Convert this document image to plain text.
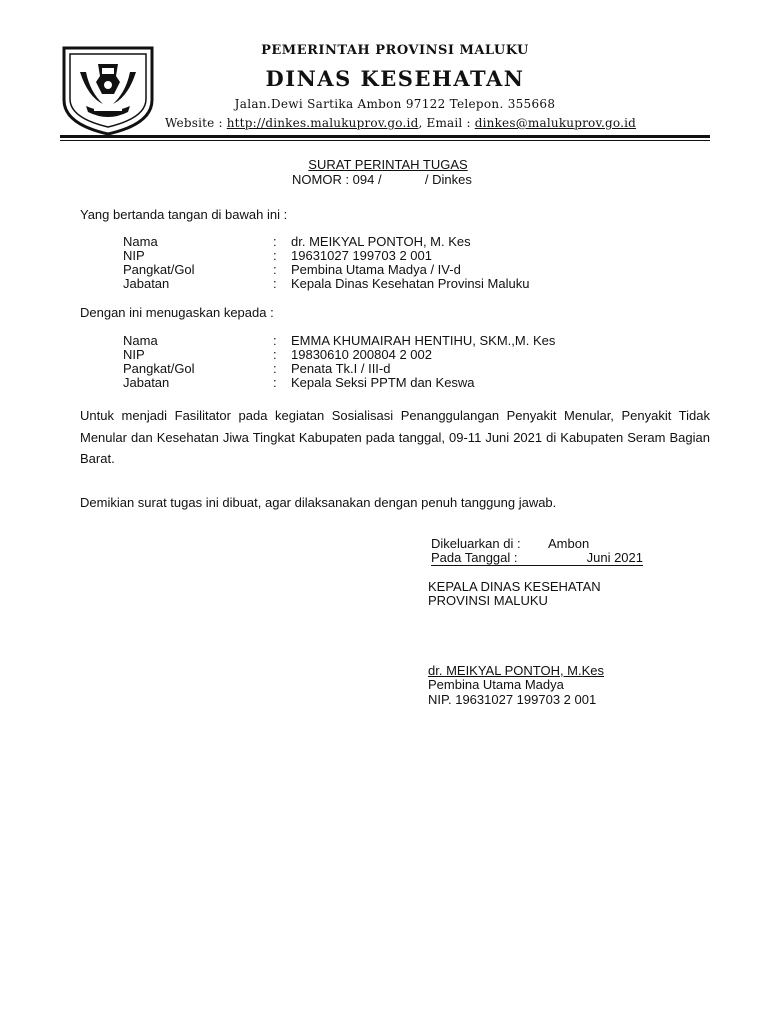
PEMERINTAH PROVINSI MALUKU
DINAS KESEHATAN
Jalan.Dewi Sartika Ambon 97122 Telepon. 355668
Website : http://dinkes.malukuprov.go.id, Email : dinkes@malukuprov.go.id
SURAT PERINTAH TUGAS
NOMOR : 094 /            / Dinkes
Yang bertanda tangan di bawah ini :
Nama	: dr. MEIKYAL PONTOH, M. Kes
NIP	: 19631027 199703 2 001
Pangkat/Gol	: Pembina Utama Madya / IV-d
Jabatan	: Kepala Dinas Kesehatan Provinsi Maluku
Dengan ini menugaskan kepada :
Nama	: EMMA KHUMAIRAH HENTIHU, SKM.,M. Kes
NIP	: 19830610 200804 2 002
Pangkat/Gol	: Penata Tk.I / III-d
Jabatan	: Kepala Seksi PPTM dan Keswa
Untuk menjadi Fasilitator pada kegiatan Sosialisasi Penanggulangan Penyakit Menular, Penyakit Tidak Menular dan Kesehatan Jiwa Tingkat Kabupaten pada tanggal, 09-11 Juni 2021 di Kabupaten Seram Bagian Barat.
Demikian surat tugas ini dibuat, agar dilaksanakan dengan penuh tanggung jawab.
Dikeluarkan di : Ambon
Pada Tanggal :	Juni 2021
KEPALA DINAS KESEHATAN
PROVINSI MALUKU
dr. MEIKYAL PONTOH, M.Kes
Pembina Utama Madya
NIP. 19631027 199703 2 001
